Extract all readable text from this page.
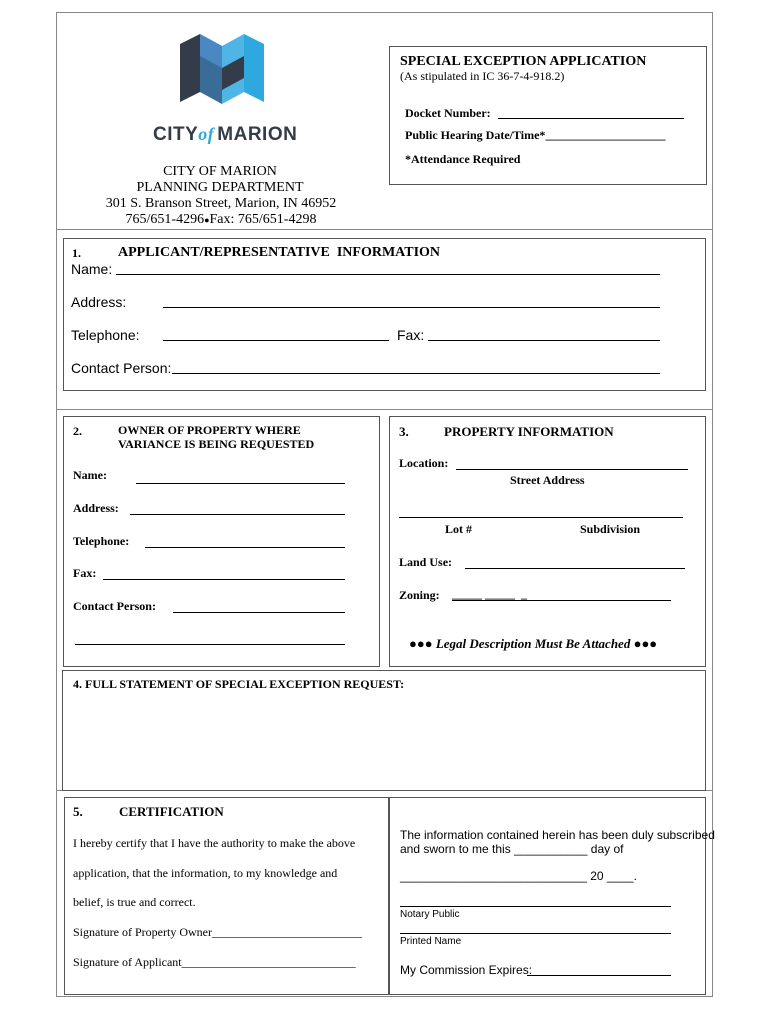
CITYof MARION
CITY OF MARION
PLANNING DEPARTMENT
301 S. Branson Street, Marion, IN 46952
765/651-4296●Fax: 765/651-4298
SPECIAL EXCEPTION APPLICATION
(As stipulated in IC 36-7-4-918.2)
Docket Number:
Public Hearing Date/Time*____________________
*Attendance Required
1.	APPLICANT/REPRESENTATIVE  INFORMATION
Name:
Address:
Telephone:	Fax:
Contact Person:
2.	OWNER OF PROPERTY WHERE
VARIANCE IS BEING REQUESTED
Name:
Address:
Telephone:
Fax:
Contact Person:
3.	PROPERTY INFORMATION
Location:
Street Address
Lot #	Subdivision
Land Use:
Zoning: _____ _____  _
●●● Legal Description Must Be Attached ●●●
4. FULL STATEMENT OF SPECIAL EXCEPTION REQUEST:
5.	CERTIFICATION
I hereby certify that I have the authority to make the above
application, that the information, to my knowledge and
belief, is true and correct.
Signature of Property Owner_________________________
Signature of Applicant_____________________________
The information contained herein has been duly subscribed
and sworn to me this ___________ day of
____________________________ 20 ____.
Notary Public
Printed Name
My Commission Expires:
